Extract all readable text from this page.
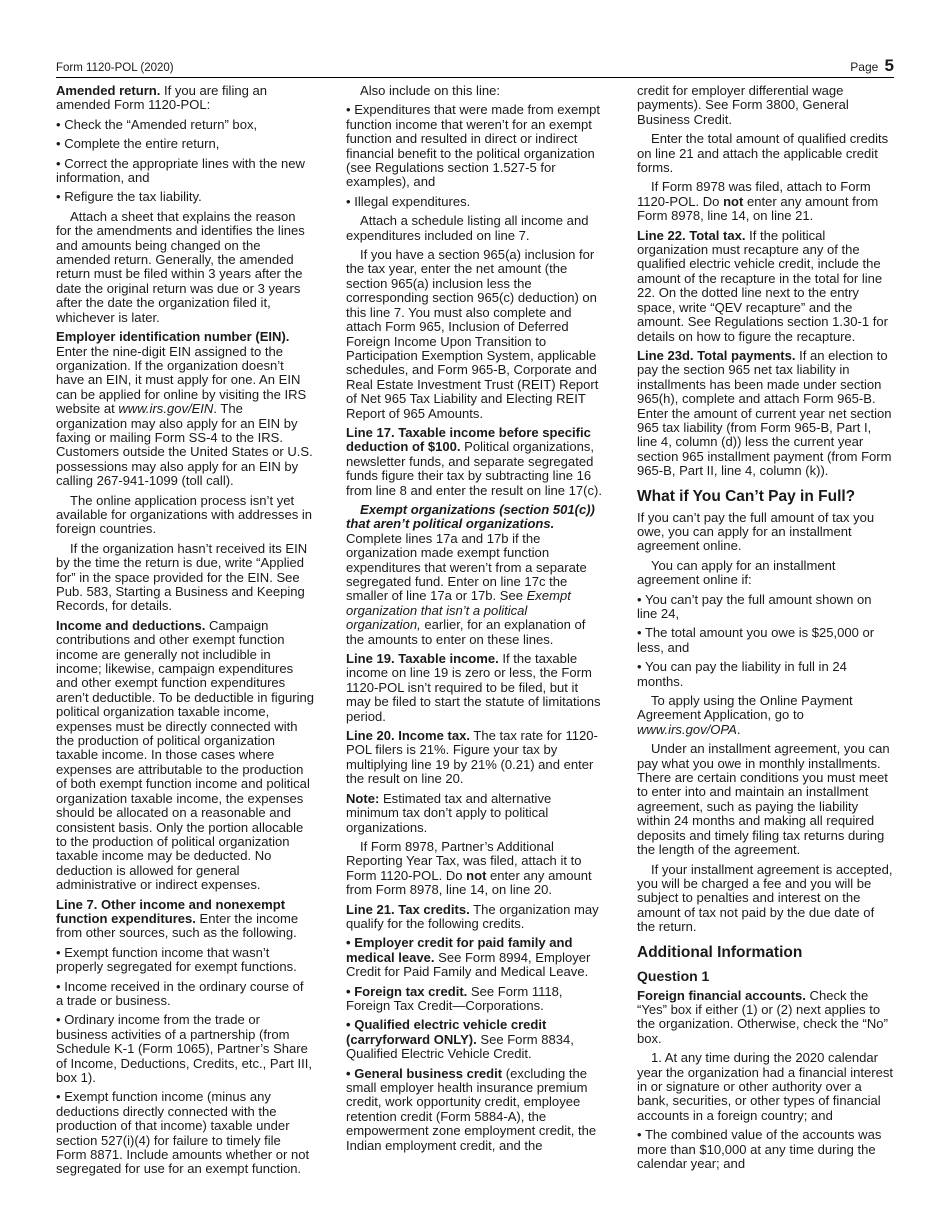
Form 1120-POL (2020)	Page 5

Amended return. If you are filing an amended Form 1120-POL:

• Check the “Amended return” box,

• Complete the entire return,

• Correct the appropriate lines with the new information, and

• Refigure the tax liability.

Attach a sheet that explains the reason for the amendments and identifies the lines and amounts being changed on the amended return. Generally, the amended return must be filed within 3 years after the date the original return was due or 3 years after the date the organization filed it, whichever is later.

Employer identification number (EIN). Enter the nine-digit EIN assigned to the organization. If the organization doesn’t have an EIN, it must apply for one. An EIN can be applied for online by visiting the IRS website at www.irs.gov/EIN. The organization may also apply for an EIN by faxing or mailing Form SS-4 to the IRS. Customers outside the United States or U.S. possessions may also apply for an EIN by calling 267-941-1099 (toll call).

The online application process isn’t yet available for organizations with addresses in foreign countries.

If the organization hasn’t received its EIN by the time the return is due, write “Applied for” in the space provided for the EIN. See Pub. 583, Starting a Business and Keeping Records, for details.

Income and deductions. Campaign contributions and other exempt function income are generally not includible in income; likewise, campaign expenditures and other exempt function expenditures aren’t deductible. To be deductible in figuring political organization taxable income, expenses must be directly connected with the production of political organization taxable income. In those cases where expenses are attributable to the production of both exempt function income and political organization taxable income, the expenses should be allocated on a reasonable and consistent basis. Only the portion allocable to the production of political organization taxable income may be deducted. No deduction is allowed for general administrative or indirect expenses.

Line 7. Other income and nonexempt function expenditures. Enter the income from other sources, such as the following.

• Exempt function income that wasn’t properly segregated for exempt functions.

• Income received in the ordinary course of a trade or business.

• Ordinary income from the trade or business activities of a partnership (from Schedule K-1 (Form 1065), Partner’s Share of Income, Deductions, Credits, etc., Part III, box 1).

• Exempt function income (minus any deductions directly connected with the production of that income) taxable under section 527(i)(4) for failure to timely file Form 8871. Include amounts whether or not segregated for use for an exempt function.

Also include on this line:

• Expenditures that were made from exempt function income that weren’t for an exempt function and resulted in direct or indirect financial benefit to the political organization (see Regulations section 1.527-5 for examples), and

• Illegal expenditures.

Attach a schedule listing all income and expenditures included on line 7.

If you have a section 965(a) inclusion for the tax year, enter the net amount (the section 965(a) inclusion less the corresponding section 965(c) deduction) on this line 7. You must also complete and attach Form 965, Inclusion of Deferred Foreign Income Upon Transition to Participation Exemption System, applicable schedules, and Form 965-B, Corporate and Real Estate Investment Trust (REIT) Report of Net 965 Tax Liability and Electing REIT Report of 965 Amounts.

Line 17. Taxable income before specific deduction of $100. Political organizations, newsletter funds, and separate segregated funds figure their tax by subtracting line 16 from line 8 and enter the result on line 17(c).

Exempt organizations (section 501(c)) that aren’t political organizations. Complete lines 17a and 17b if the organization made exempt function expenditures that weren’t from a separate segregated fund. Enter on line 17c the smaller of line 17a or 17b. See Exempt organization that isn’t a political organization, earlier, for an explanation of the amounts to enter on these lines.

Line 19. Taxable income. If the taxable income on line 19 is zero or less, the Form 1120-POL isn’t required to be filed, but it may be filed to start the statute of limitations period.

Line 20. Income tax. The tax rate for 1120-POL filers is 21%. Figure your tax by multiplying line 19 by 21% (0.21) and enter the result on line 20.

Note: Estimated tax and alternative minimum tax don’t apply to political organizations.

If Form 8978, Partner’s Additional Reporting Year Tax, was filed, attach it to Form 1120-POL. Do not enter any amount from Form 8978, line 14, on line 20.

Line 21. Tax credits. The organization may qualify for the following credits.

• Employer credit for paid family and medical leave. See Form 8994, Employer Credit for Paid Family and Medical Leave.

• Foreign tax credit. See Form 1118, Foreign Tax Credit—Corporations.

• Qualified electric vehicle credit (carryforward ONLY). See Form 8834, Qualified Electric Vehicle Credit.

• General business credit (excluding the small employer health insurance premium credit, work opportunity credit, employee retention credit (Form 5884-A), the empowerment zone employment credit, the Indian employment credit, and the

credit for employer differential wage payments). See Form 3800, General Business Credit.

Enter the total amount of qualified credits on line 21 and attach the applicable credit forms.

If Form 8978 was filed, attach to Form 1120-POL. Do not enter any amount from Form 8978, line 14, on line 21.

Line 22. Total tax. If the political organization must recapture any of the qualified electric vehicle credit, include the amount of the recapture in the total for line 22. On the dotted line next to the entry space, write “QEV recapture” and the amount. See Regulations section 1.30-1 for details on how to figure the recapture.

Line 23d. Total payments. If an election to pay the section 965 net tax liability in installments has been made under section 965(h), complete and attach Form 965-B. Enter the amount of current year net section 965 tax liability (from Form 965-B, Part I, line 4, column (d)) less the current year section 965 installment payment (from Form 965-B, Part II, line 4, column (k)).

What if You Can’t Pay in Full?

If you can’t pay the full amount of tax you owe, you can apply for an installment agreement online.

You can apply for an installment agreement online if:

• You can’t pay the full amount shown on line 24,

• The total amount you owe is $25,000 or less, and

• You can pay the liability in full in 24 months.

To apply using the Online Payment Agreement Application, go to www.irs.gov/OPA.

Under an installment agreement, you can pay what you owe in monthly installments. There are certain conditions you must meet to enter into and maintain an installment agreement, such as paying the liability within 24 months and making all required deposits and timely filing tax returns during the length of the agreement.

If your installment agreement is accepted, you will be charged a fee and you will be subject to penalties and interest on the amount of tax not paid by the due date of the return.

Additional Information
Question 1

Foreign financial accounts. Check the “Yes” box if either (1) or (2) next applies to the organization. Otherwise, check the “No” box.

1. At any time during the 2020 calendar year the organization had a financial interest in or signature or other authority over a bank, securities, or other types of financial accounts in a foreign country; and

• The combined value of the accounts was more than $10,000 at any time during the calendar year; and
